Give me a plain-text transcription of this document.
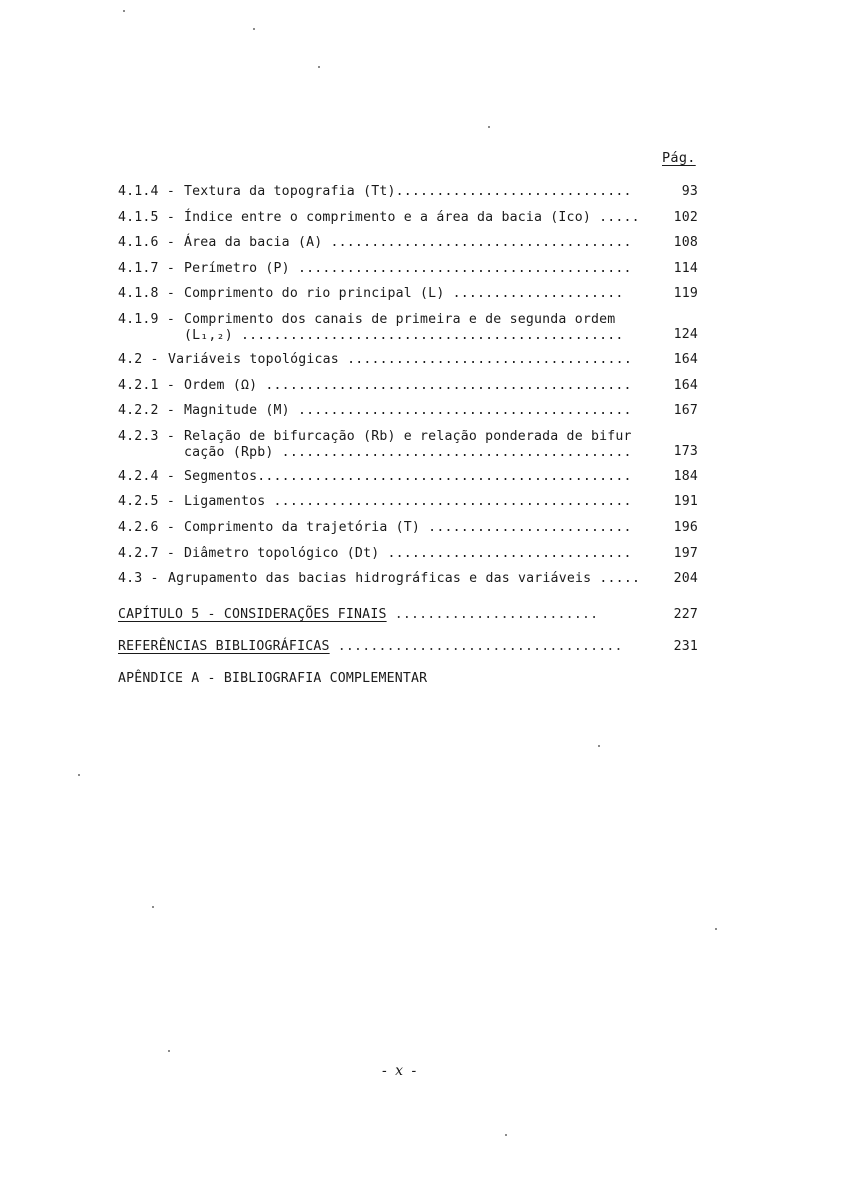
Pág.
4.1.4 - Textura da topografia (Tt).............................	93
4.1.5 - Índice entre o comprimento e a área da bacia (Ico) .....	102
4.1.6 - Área da bacia (A) .....................................	108
4.1.7 - Perímetro (P) .........................................	114
4.1.8 - Comprimento do rio principal (L) .....................	119
4.1.9 - Comprimento dos canais de primeira e de segunda ordem
(L₁,₂) ...............................................	124
4.2 - Variáveis topológicas ...................................	164
4.2.1 - Ordem (Ω) .............................................	164
4.2.2 - Magnitude (M) .........................................	167
4.2.3 - Relação de bifurcação (Rb) e relação ponderada de bifur
cação (Rpb) ...........................................	173
4.2.4 - Segmentos..............................................	184
4.2.5 - Ligamentos ............................................	191
4.2.6 - Comprimento da trajetória (T) .........................	196
4.2.7 - Diâmetro topológico (Dt) ..............................	197
4.3 - Agrupamento das bacias hidrográficas e das variáveis .....	204
CAPÍTULO 5 - CONSIDERAÇÕES FINAIS .........................	227
REFERÊNCIAS BIBLIOGRÁFICAS ...................................	231
APÊNDICE A - BIBLIOGRAFIA COMPLEMENTAR
- x -
